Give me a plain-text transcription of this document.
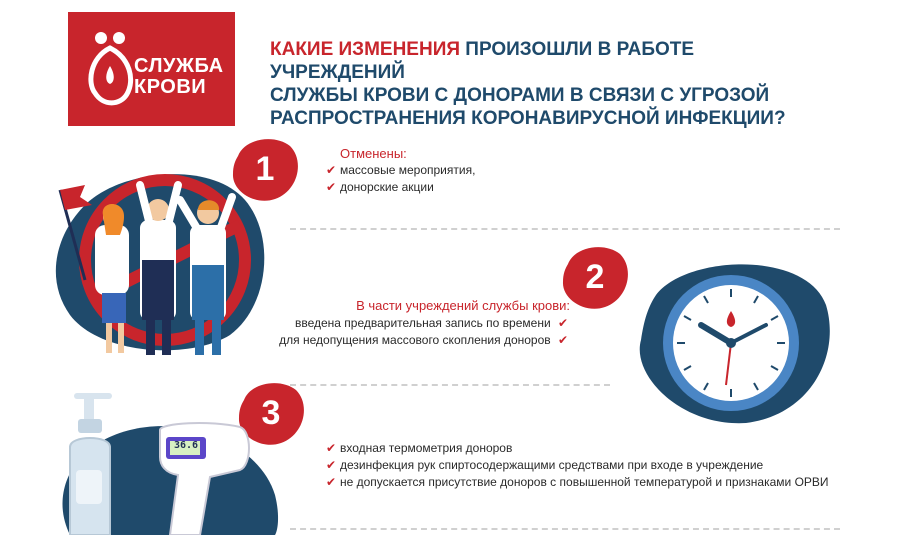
СЛУЖБА
КРОВИ
КАКИЕ ИЗМЕНЕНИЯ ПРОИЗОШЛИ В РАБОТЕ УЧРЕЖДЕНИЙ
СЛУЖБЫ КРОВИ С ДОНОРАМИ В СВЯЗИ С УГРОЗОЙ
РАСПРОСТРАНЕНИЯ КОРОНАВИРУСНОЙ ИНФЕКЦИИ?
1	Отменены:
✔ массовые мероприятия,
✔ донорские акции
2
В части учреждений службы крови:
введена предварительная запись по времени ✔
для недопущения массового скопления доноров ✔
3
✔ входная термометрия доноров
✔ дезинфекция рук спиртосодержащими средствами при входе в учреждение
✔ не допускается присутствие доноров с повышенной температурой и признаками ОРВИ
36.6
